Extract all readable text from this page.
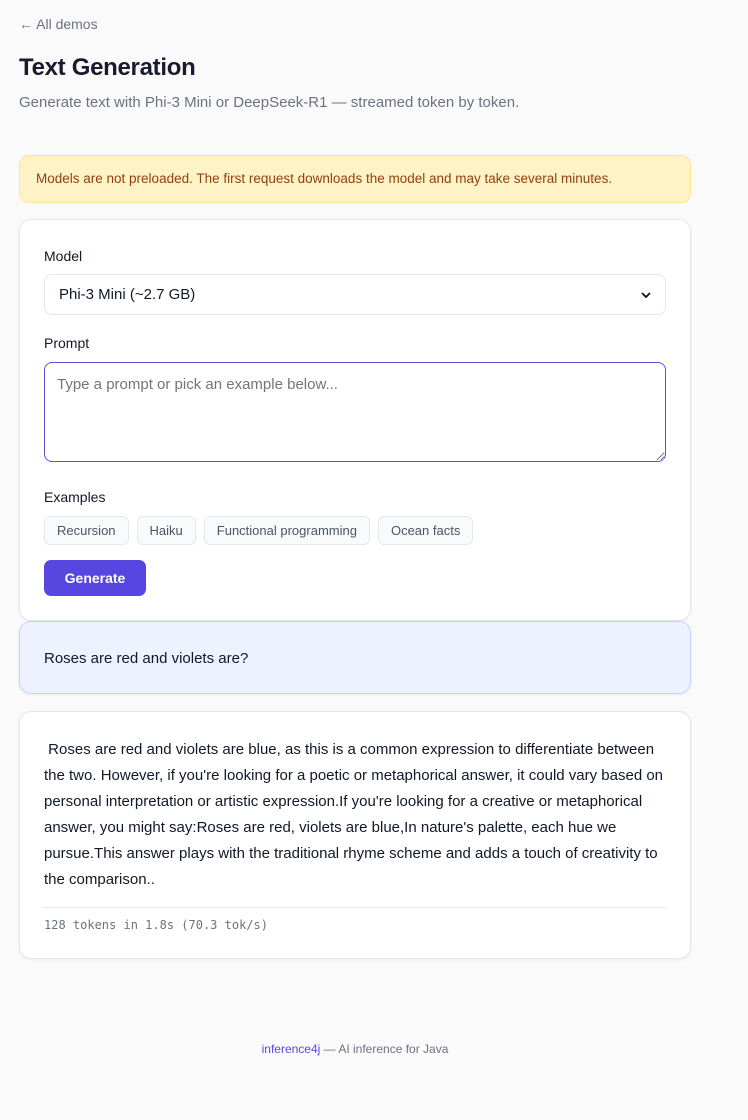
← All demos
Text Generation
Generate text with Phi-3 Mini or DeepSeek-R1 — streamed token by token.
Models are not preloaded. The first request downloads the model and may take several minutes.
Model
Phi-3 Mini (~2.7 GB)
Prompt
Type a prompt or pick an example below...
Examples
Recursion	Haiku	Functional programming	Ocean facts
Generate
Roses are red and violets are?

Roses are red and violets are blue, as this is a common expression to differentiate between the two. However, if you're looking for a poetic or metaphorical answer, it could vary based on personal interpretation or artistic expression.If you're looking for a creative or metaphorical answer, you might say:Roses are red, violets are blue,In nature's palette, each hue we pursue.This answer plays with the traditional rhyme scheme and adds a touch of creativity to the comparison..

128 tokens in 1.8s (70.3 tok/s)
inference4j — AI inference for Java
